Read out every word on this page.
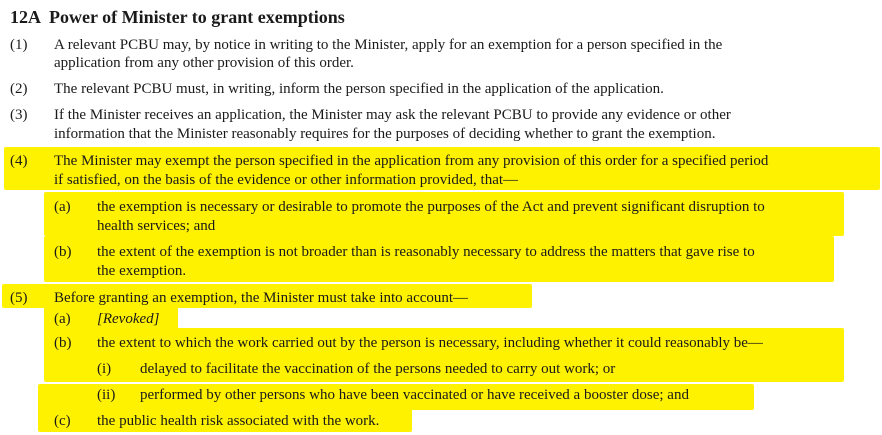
12A Power of Minister to grant exemptions
(1) A relevant PCBU may, by notice in writing to the Minister, apply for an exemption for a person specified in the
application from any other provision of this order.
(2) The relevant PCBU must, in writing, inform the person specified in the application of the application.
(3) If the Minister receives an application, the Minister may ask the relevant PCBU to provide any evidence or other
information that the Minister reasonably requires for the purposes of deciding whether to grant the exemption.
(4) The Minister may exempt the person specified in the application from any provision of this order for a specified period
if satisfied, on the basis of the evidence or other information provided, that—
(a) the exemption is necessary or desirable to promote the purposes of the Act and prevent significant disruption to
health services; and
(b) the extent of the exemption is not broader than is reasonably necessary to address the matters that gave rise to
the exemption.
(5) Before granting an exemption, the Minister must take into account—
(a) [Revoked]
(b) the extent to which the work carried out by the person is necessary, including whether it could reasonably be—
(i) delayed to facilitate the vaccination of the persons needed to carry out work; or
(ii) performed by other persons who have been vaccinated or have received a booster dose; and
(c) the public health risk associated with the work.
